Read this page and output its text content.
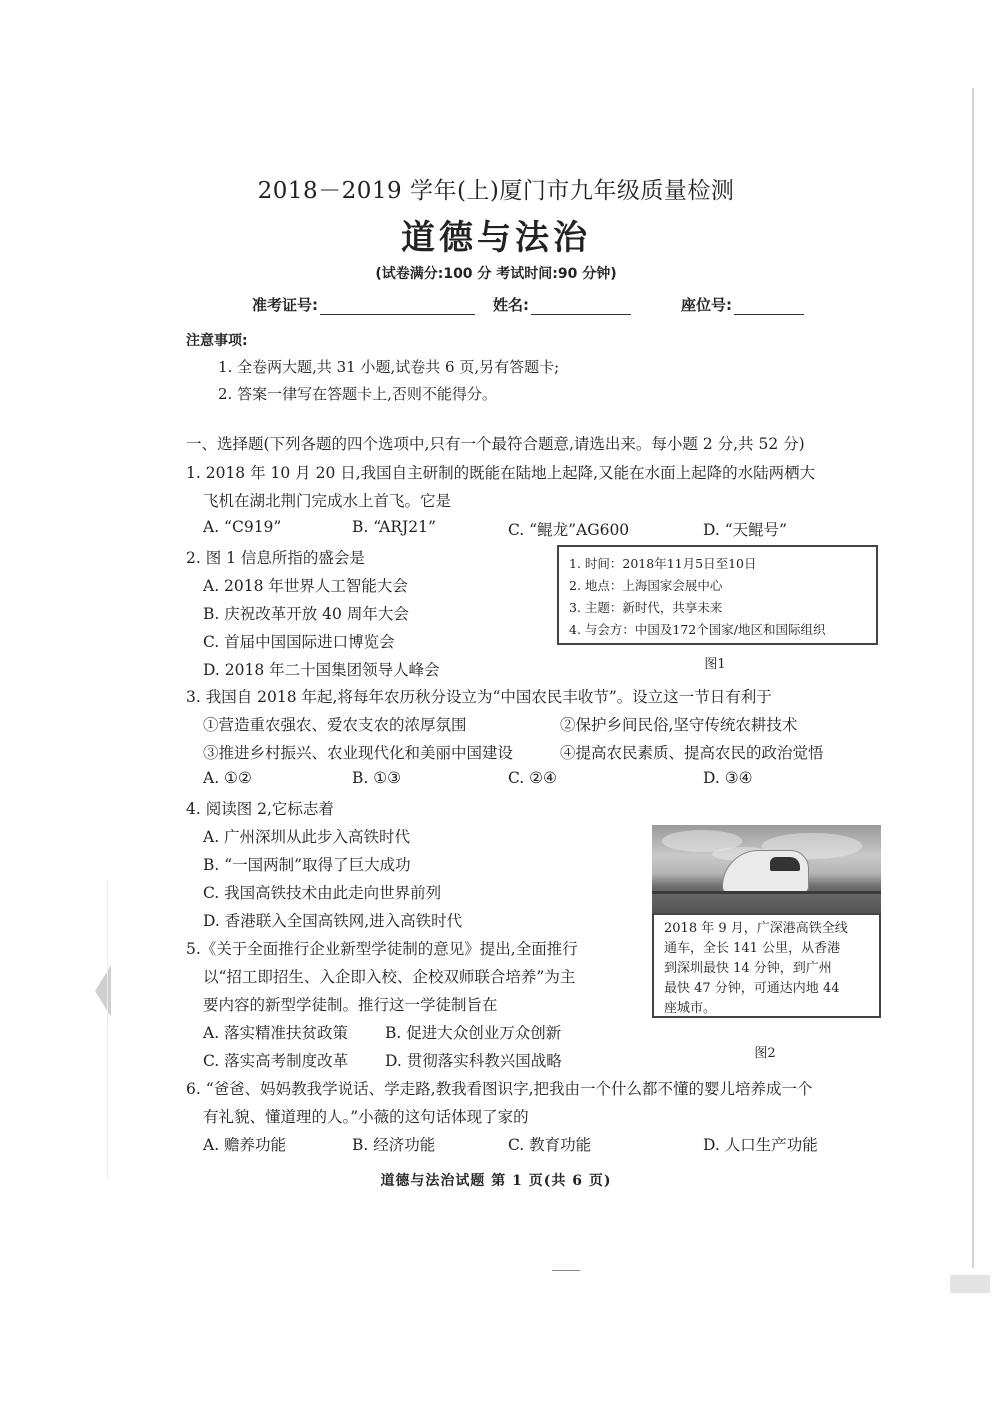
2018－2019 学年(上)厦门市九年级质量检测
道德与法治
(试卷满分:100 分 考试时间:90 分钟)
准考证号:	姓名:	座位号:
注意事项:
1. 全卷两大题,共 31 小题,试卷共 6 页,另有答题卡;
2. 答案一律写在答题卡上,否则不能得分。
一、选择题(下列各题的四个选项中,只有一个最符合题意,请选出来。每小题 2 分,共 52 分)
1. 2018 年 10 月 20 日,我国自主研制的既能在陆地上起降,又能在水面上起降的水陆两栖大
飞机在湖北荆门完成水上首飞。它是
A. “C919”	B. “ARJ21”	C. “鲲龙”AG600	D. “天鲲号”
2. 图 1 信息所指的盛会是
A. 2018 年世界人工智能大会
B. 庆祝改革开放 40 周年大会
C. 首届中国国际进口博览会
D. 2018 年二十国集团领导人峰会
1. 时间：2018年11月5日至10日
2. 地点：上海国家会展中心
3. 主题：新时代，共享未来
4. 与会方：中国及172个国家/地区和国际组织
图1
3. 我国自 2018 年起,将每年农历秋分设立为“中国农民丰收节”。设立这一节日有利于
①营造重农强农、爱农支农的浓厚氛围	②保护乡间民俗,坚守传统农耕技术
③推进乡村振兴、农业现代化和美丽中国建设	④提高农民素质、提高农民的政治觉悟
A. ①②	B. ①③	C. ②④	D. ③④
4. 阅读图 2,它标志着
A. 广州深圳从此步入高铁时代
B. “一国两制”取得了巨大成功
C. 我国高铁技术由此走向世界前列
D. 香港联入全国高铁网,进入高铁时代	2018 年 9 月，广深港高铁全线
通车，全长 141 公里，从香港
到深圳最快 14 分钟，到广州
最快 47 分钟，可通达内地 44
座城市。
图2
5.《关于全面推行企业新型学徒制的意见》提出,全面推行
以“招工即招生、入企即入校、企校双师联合培养”为主
要内容的新型学徒制。推行这一学徒制旨在
A. 落实精准扶贫政策 B. 促进大众创业万众创新
C. 落实高考制度改革 D. 贯彻落实科教兴国战略
6. “爸爸、妈妈教我学说话、学走路,教我看图识字,把我由一个什么都不懂的婴儿培养成一个
有礼貌、懂道理的人。”小薇的这句话体现了家的
A. 赡养功能	B. 经济功能	C. 教育功能	D. 人口生产功能
道德与法治试题 第 1 页(共 6 页)
